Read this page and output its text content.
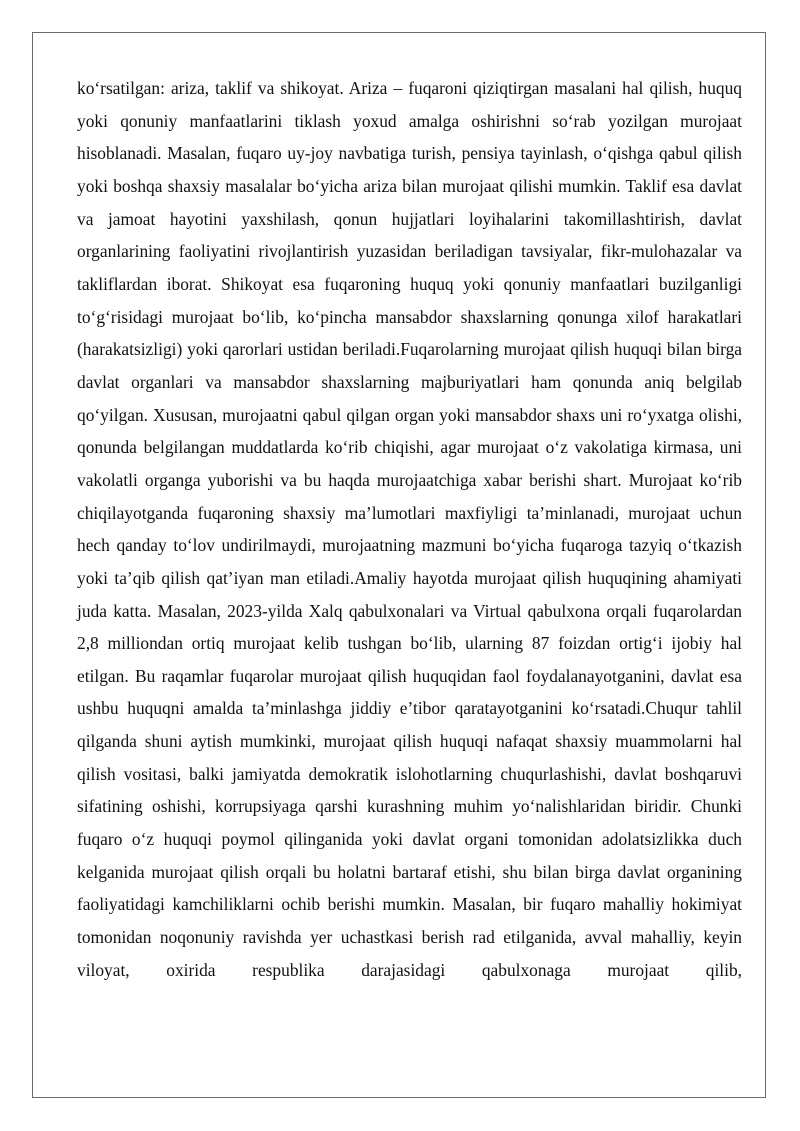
ko‘rsatilgan: ariza, taklif va shikoyat. Ariza – fuqaroni qiziqtirgan masalani hal qilish, huquq yoki qonuniy manfaatlarini tiklash yoxud amalga oshirishni so‘rab yozilgan murojaat hisoblanadi. Masalan, fuqaro uy-joy navbatiga turish, pensiya tayinlash, o‘qishga qabul qilish yoki boshqa shaxsiy masalalar bo‘yicha ariza bilan murojaat qilishi mumkin. Taklif esa davlat va jamoat hayotini yaxshilash, qonun hujjatlari loyihalarini takomillashtirish, davlat organlarining faoliyatini rivojlantirish yuzasidan beriladigan tavsiyalar, fikr-mulohazalar va takliflardan iborat. Shikoyat esa fuqaroning huquq yoki qonuniy manfaatlari buzilganligi to‘g‘risidagi murojaat bo‘lib, ko‘pincha mansabdor shaxslarning qonunga xilof harakatlari (harakatsizligi) yoki qarorlari ustidan beriladi.Fuqarolarning murojaat qilish huquqi bilan birga davlat organlari va mansabdor shaxslarning majburiyatlari ham qonunda aniq belgilab qo‘yilgan. Xususan, murojaatni qabul qilgan organ yoki mansabdor shaxs uni ro‘yxatga olishi, qonunda belgilangan muddatlarda ko‘rib chiqishi, agar murojaat o‘z vakolatiga kirmasa, uni vakolatli organga yuborishi va bu haqda murojaatchiga xabar berishi shart. Murojaat ko‘rib chiqilayotganda fuqaroning shaxsiy ma’lumotlari maxfiyligi ta’minlanadi, murojaat uchun hech qanday to‘lov undirilmaydi, murojaatning mazmuni bo‘yicha fuqaroga tazyiq o‘tkazish yoki ta’qib qilish qat’iyan man etiladi.Amaliy hayotda murojaat qilish huquqining ahamiyati juda katta. Masalan, 2023-yilda Xalq qabulxonalari va Virtual qabulxona orqali fuqarolardan 2,8 milliondan ortiq murojaat kelib tushgan bo‘lib, ularning 87 foizdan ortig‘i ijobiy hal etilgan. Bu raqamlar fuqarolar murojaat qilish huquqidan faol foydalanayotganini, davlat esa ushbu huquqni amalda ta’minlashga jiddiy e’tibor qaratayotganini ko‘rsatadi.Chuqur tahlil qilganda shuni aytish mumkinki, murojaat qilish huquqi nafaqat shaxsiy muammolarni hal qilish vositasi, balki jamiyatda demokratik islohotlarning chuqurlashishi, davlat boshqaruvi sifatining oshishi, korrupsiyaga qarshi kurashning muhim yo‘nalishlaridan biridir. Chunki fuqaro o‘z huquqi poymol qilinganida yoki davlat organi tomonidan adolatsizlikka duch kelganida murojaat qilish orqali bu holatni bartaraf etishi, shu bilan birga davlat organining faoliyatidagi kamchiliklarni ochib berishi mumkin. Masalan, bir fuqaro mahalliy hokimiyat tomonidan noqonuniy ravishda yer uchastkasi berish rad etilganida, avval mahalliy, keyin viloyat, oxirida respublika darajasidagi qabulxonaga murojaat qilib,
